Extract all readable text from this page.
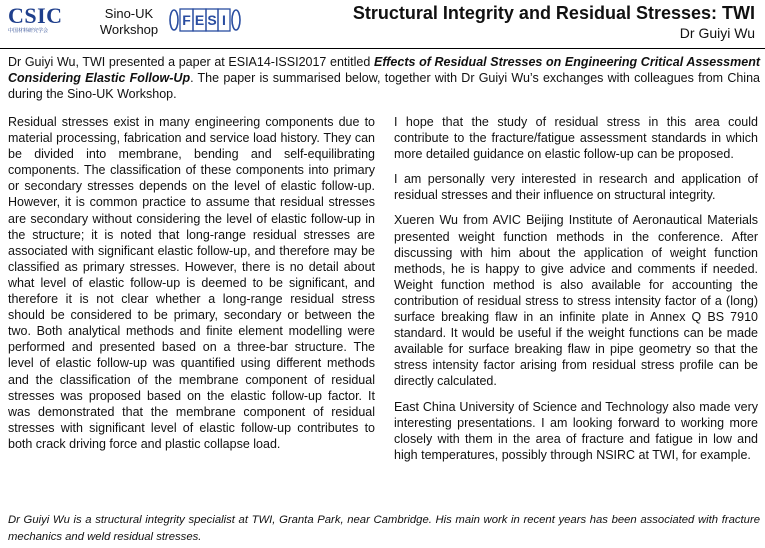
CSIC
中国材料研究学会
Sino-UK
Workshop
F E S I	Structural Integrity and Residual Stresses: TWI
Dr Guiyi Wu
Dr Guiyi Wu, TWI presented a paper at ESIA14-ISSI2017 entitled Effects of Residual Stresses on Engineering Critical Assessment Considering Elastic Follow-Up. The paper is summarised below, together with Dr Guiyi Wu’s exchanges with colleagues from China during the Sino-UK Workshop.

Residual stresses exist in many engineering components due to material processing, fabrication and service load history. They can be divided into membrane, bending and self-equilibrating components. The classification of these components into primary or secondary stresses depends on the level of elastic follow-up. However, it is common practice to assume that residual stresses are secondary without considering the level of elastic follow-up in the structure; it is noted that long-range residual stresses are associated with significant elastic follow-up, and therefore may be classified as primary stresses. However, there is no detail about what level of elastic follow-up is deemed to be significant, and therefore it is not clear whether a long-range residual stress should be considered to be primary, secondary or between the two. Both analytical methods and finite element modelling were performed and presented based on a three-bar structure. The level of elastic follow-up was quantified using different methods and the classification of the membrane component of residual stresses was proposed based on the elastic follow-up factor. It was demonstrated that the membrane component of residual stresses with significant level of elastic follow-up contributes to both crack driving force and plastic collapse load.

I hope that the study of residual stress in this area could contribute to the fracture/fatigue assessment standards in which more detailed guidance on elastic follow-up can be proposed.

I am personally very interested in research and application of residual stresses and their influence on structural integrity.

Xueren Wu from AVIC Beijing Institute of Aeronautical Materials presented weight function methods in the conference. After discussing with him about the application of weight function methods, he is happy to give advice and comments if needed. Weight function method is also available for accounting the contribution of residual stress to stress intensity factor of a (long) surface breaking flaw in an infinite plate in Annex Q BS 7910 standard. It would be useful if the weight functions can be made available for surface breaking flaw in pipe geometry so that the stress intensity factor arising from residual stress profile can be directly calculated.

East China University of Science and Technology also made very interesting presentations. I am looking forward to working more closely with them in the area of fracture and fatigue in low and high temperatures, possibly through NSIRC at TWI, for example.

Dr Guiyi Wu is a structural integrity specialist at TWI, Granta Park, near Cambridge. His main work in recent years has been associated with fracture mechanics and weld residual stresses.
